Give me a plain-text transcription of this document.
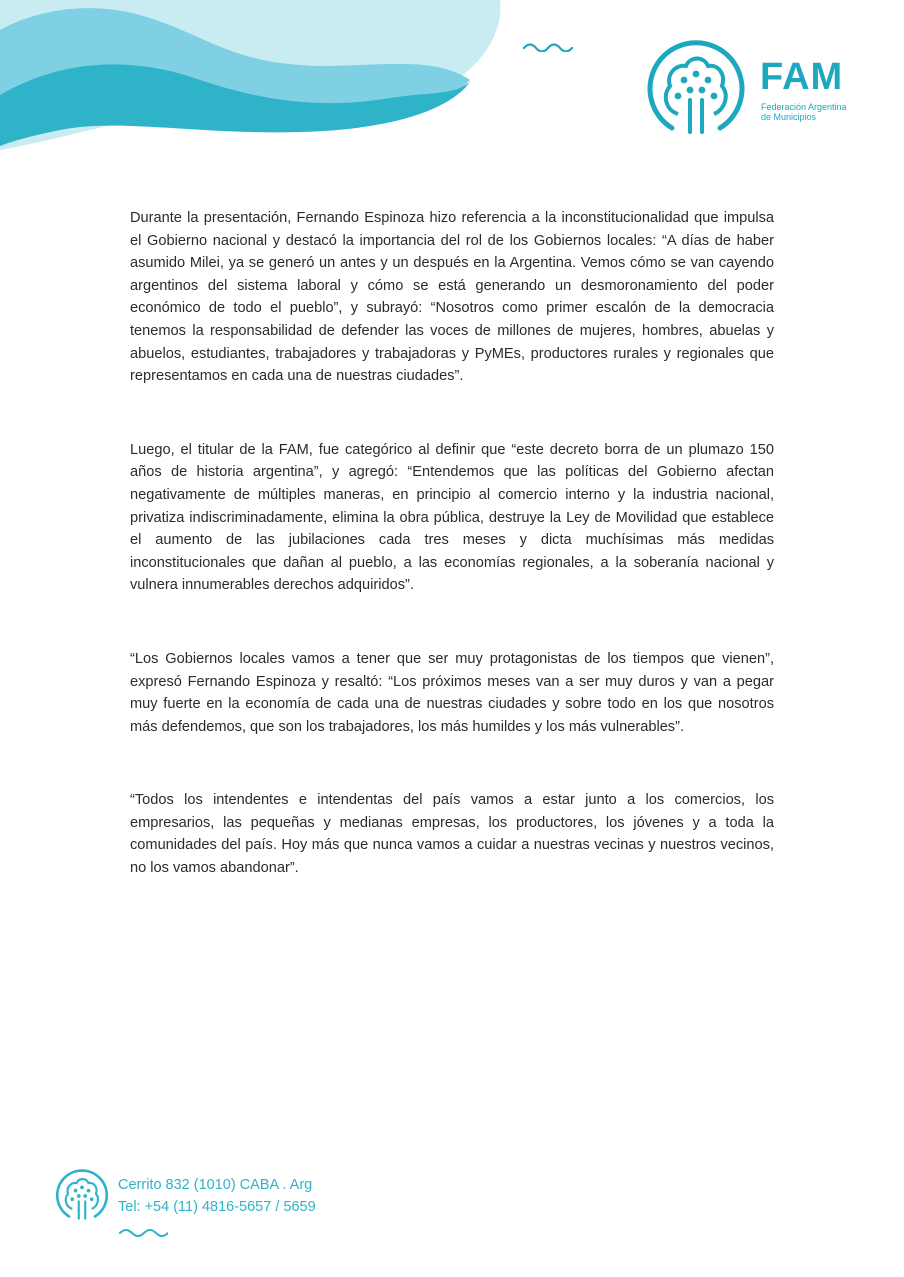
FAM
Federación Argentina
de Municipios

Durante la presentación, Fernando Espinoza hizo referencia a la inconstitucionalidad que impulsa el Gobierno nacional y destacó la importancia del rol de los Gobiernos locales: “A días de haber asumido Milei, ya se generó un antes y un después en la Argentina. Vemos cómo se van cayendo argentinos del sistema laboral y cómo se está generando un desmoronamiento del poder económico de todo el pueblo”, y subrayó: “Nosotros como primer escalón de la democracia tenemos la responsabilidad de defender las voces de millones de mujeres, hombres, abuelas y abuelos, estudiantes, trabajadores y trabajadoras y PyMEs, productores rurales y regionales que representamos en cada una de nuestras ciudades”.

Luego, el titular de la FAM, fue categórico al definir que “este decreto borra de un plumazo 150 años de historia argentina”, y agregó: “Entendemos que las políticas del Gobierno afectan negativamente de múltiples maneras, en principio al comercio interno y la industria nacional, privatiza indiscriminadamente, elimina la obra pública, destruye la Ley de Movilidad que establece el aumento de las jubilaciones cada tres meses y dicta muchísimas más medidas inconstitucionales que dañan al pueblo, a las economías regionales, a la soberanía nacional y vulnera innumerables derechos adquiridos”.

“Los Gobiernos locales vamos a tener que ser muy protagonistas de los tiempos que vienen”, expresó Fernando Espinoza y resaltó: “Los próximos meses van a ser muy duros y van a pegar muy fuerte en la economía de cada una de nuestras ciudades y sobre todo en los que nosotros más defendemos, que son los trabajadores, los más humildes y los más vulnerables”.

“Todos los intendentes e intendentas del país vamos a estar junto a los comercios, los empresarios, las pequeñas y medianas empresas, los productores, los jóvenes y a toda la comunidades del país. Hoy más que nunca vamos a cuidar a nuestras vecinas y nuestros vecinos, no los vamos abandonar”.

Cerrito 832 (1010) CABA . Arg
Tel: +54 (11) 4816-5657 / 5659
